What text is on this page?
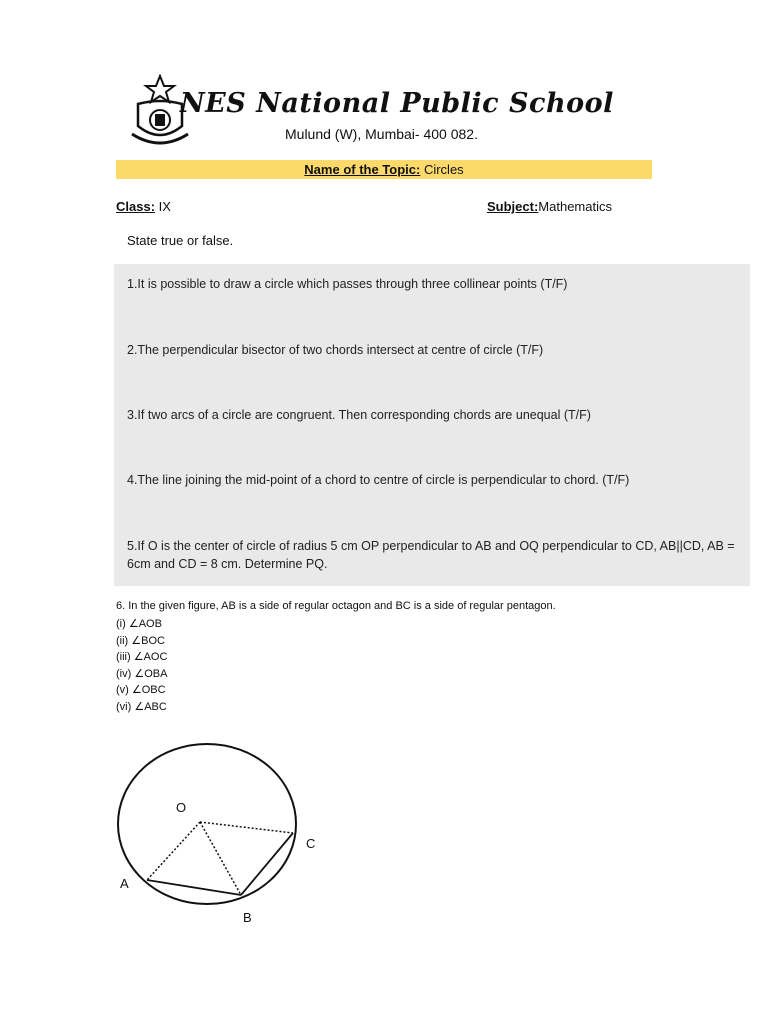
NES National Public School
Mulund (W), Mumbai- 400 082.
Name of the Topic: Circles
Class: IX	Subject:Mathematics
State true or false.
1.It is possible to draw a circle which passes through three collinear points (T/F)
2.The perpendicular bisector of two chords intersect at centre of circle (T/F)
3.If two arcs of a circle are congruent. Then corresponding chords are unequal (T/F)
4.The line joining the mid-point of a chord to centre of circle is perpendicular to chord. (T/F)
5.If O is the center of circle of radius 5 cm OP perpendicular to AB and OQ perpendicular to CD, AB||CD, AB = 6cm and CD = 8 cm. Determine PQ.
6. In the given figure, AB is a side of regular octagon and BC is a side of regular pentagon.
(i) ∠AOB
(ii) ∠BOC
(iii) ∠AOC
(iv) ∠OBA
(v) ∠OBC
(vi) ∠ABC
O
A
B
C
